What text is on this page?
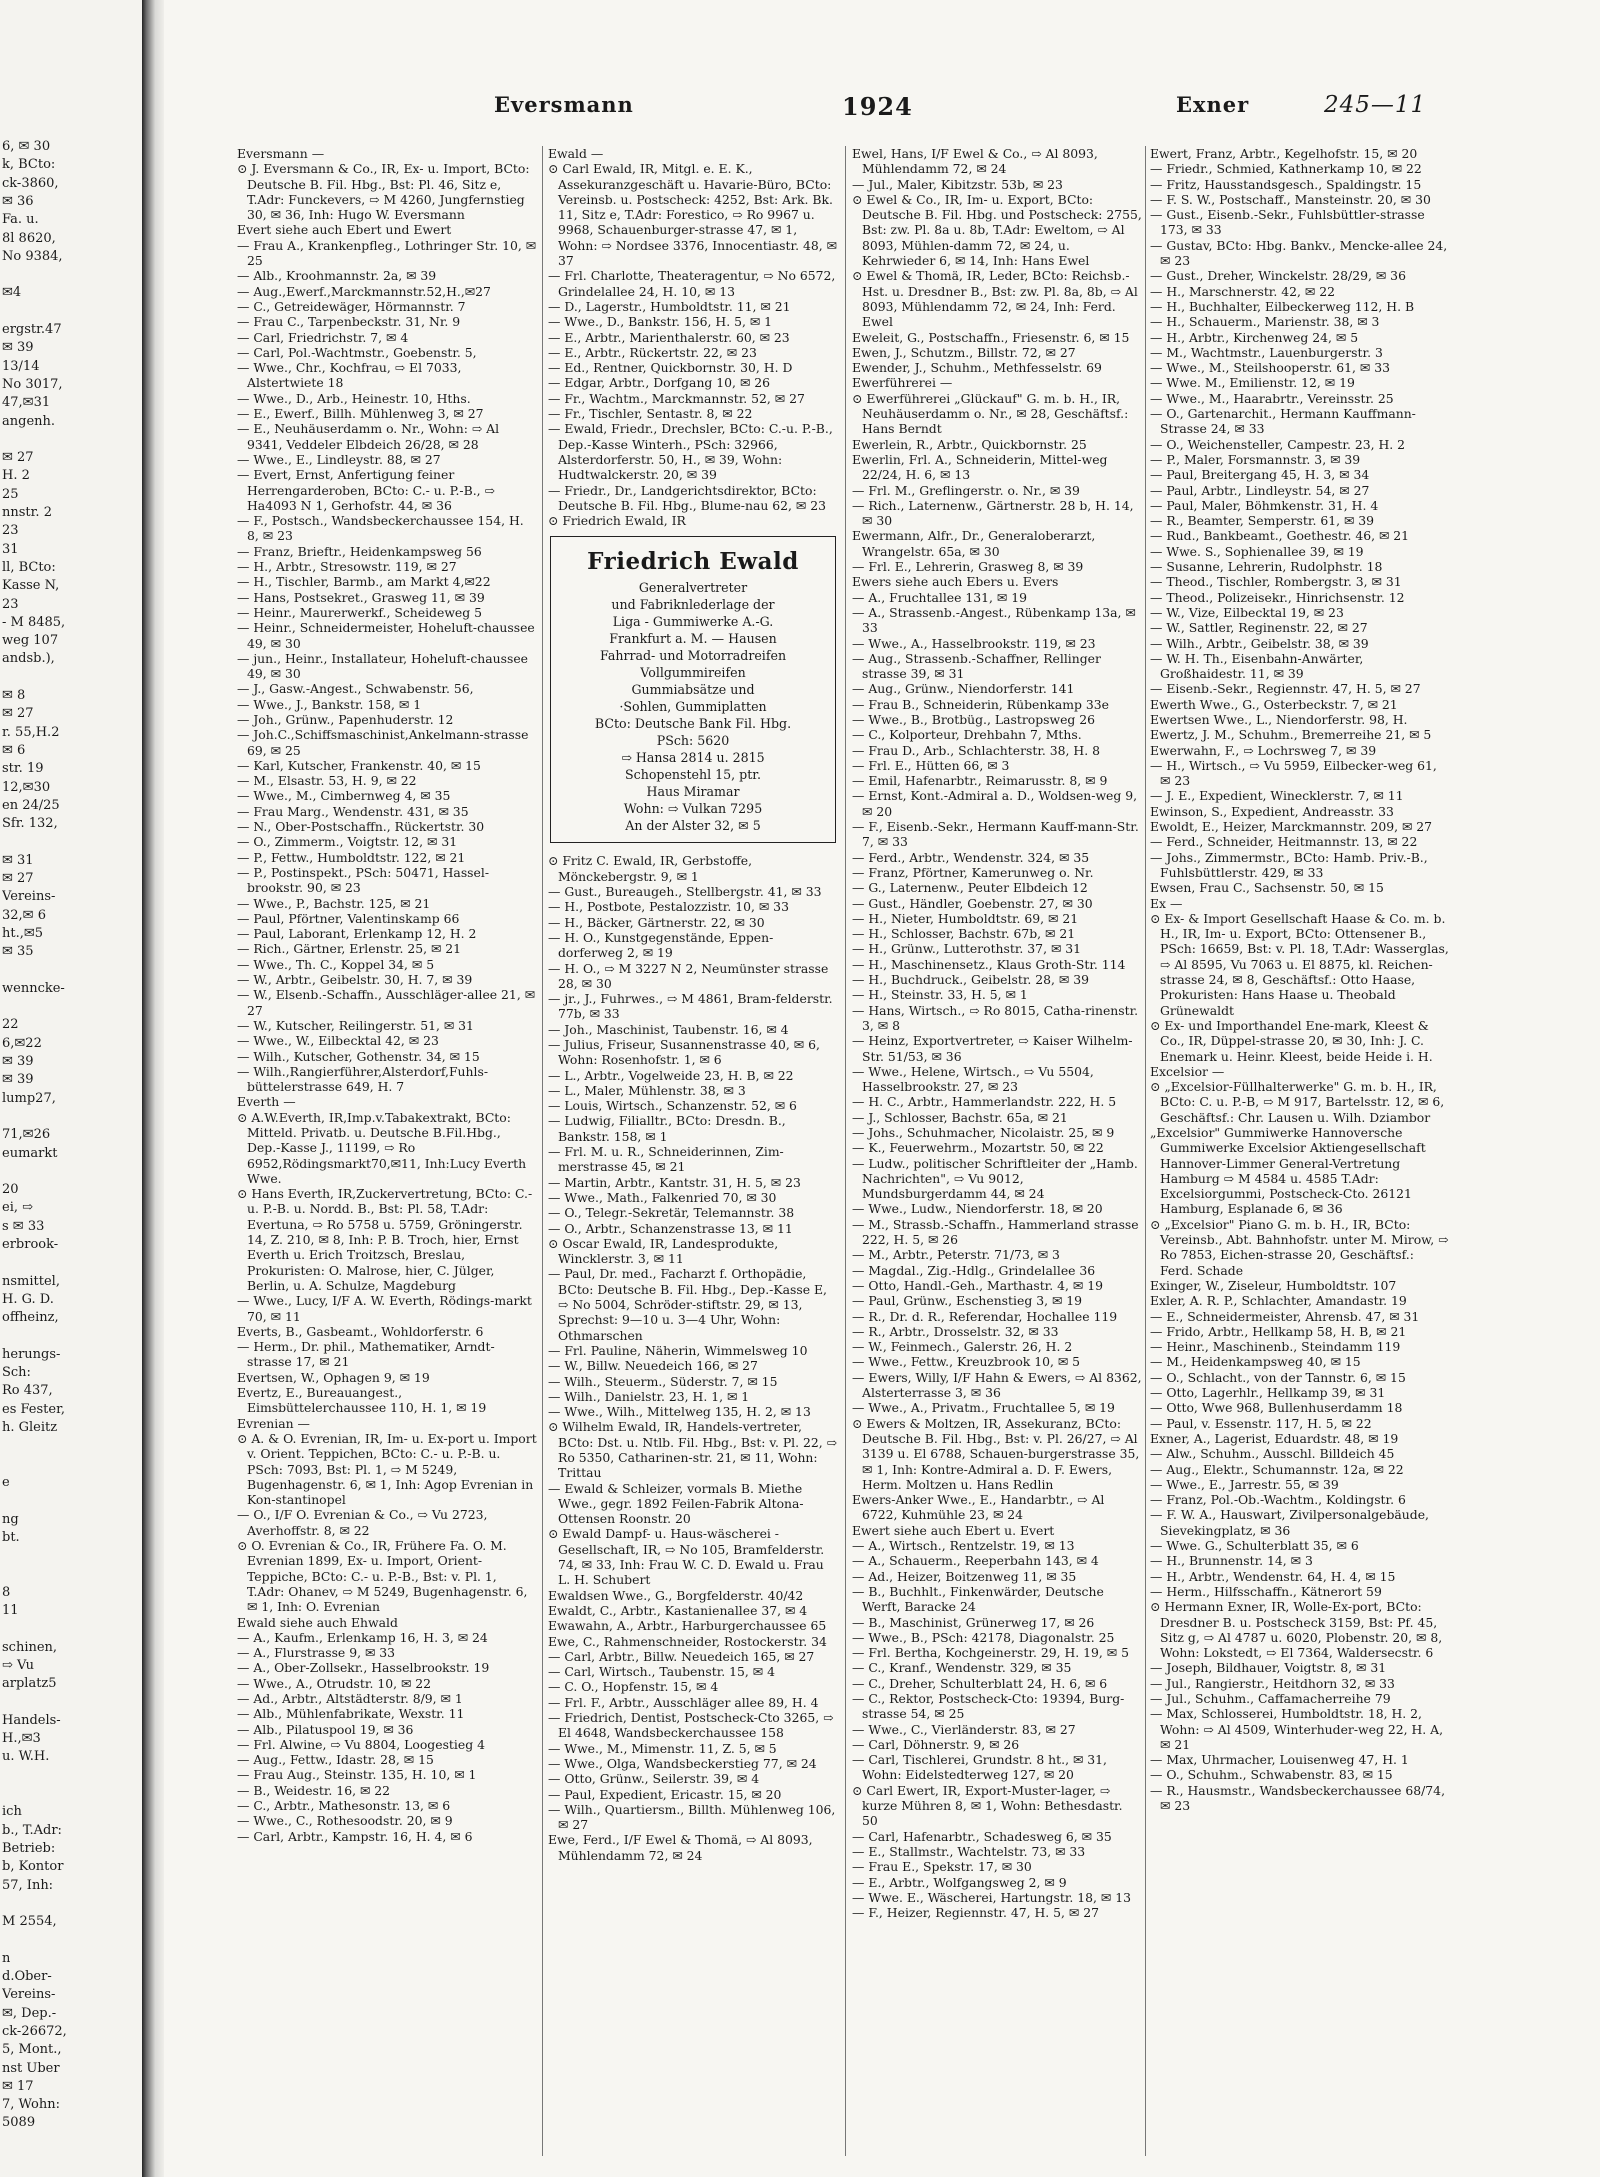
6, ✉ 30
k, BCto:
ck-3860,
✉ 36
Fa. u.
8l 8620,
No 9384,
✉4
ergstr.47
✉ 39
13/14
No 3017,
47,✉31
angenh.
✉ 27
H. 2
25
nnstr. 2
23
31
ll, BCto:
Kasse N,
23
- M 8485,
weg 107
andsb.),
✉ 8
✉ 27
r. 55,H.2
✉ 6
str. 19
12,✉30
en 24/25
Sfr. 132,
✉ 31
✉ 27
Vereins-
32,✉ 6
ht.,✉5
✉ 35
wenncke-
22
6,✉22
✉ 39
✉ 39
lump27,
71,✉26
eumarkt
20
ei, ⇨
s ✉ 33
erbrook-
nsmittel,
H. G. D.
offheinz,
herungs-
Sch:
Ro 437,
es Fester,
h. Gleitz
e
ng
bt.
8
11
schinen,
⇨ Vu
arplatz5
Handels-
H.,✉3
u. W.H.
ich
b., T.Adr:
Betrieb:
b, Kontor
57, Inh:
M 2554,
n
d.Ober-
Vereins-
✉, Dep.-
ck-26672,
5, Mont.,
nst Uber
✉ 17
7, Wohn:
5089
Eversmann	1924	Exner	245—11
Eversmann —
⊙ J. Eversmann & Co., IR, Ex- u. Import, BCto: Deutsche B. Fil. Hbg., Bst: Pl. 46, Sitz e, T.Adr: Funckevers, ⇨ M 4260, Jungfernstieg 30, ✉ 36, Inh: Hugo W. Eversmann
Evert siehe auch Ebert und Ewert
— Frau A., Krankenpfleg., Lothringer Str. 10, ✉ 25
— Alb., Kroohmannstr. 2a, ✉ 39
— Aug.,Ewerf.,Marckmannstr.52,H.,✉27
— C., Getreidewäger, Hörmannstr. 7
— Frau C., Tarpenbeckstr. 31, Nr. 9
— Carl, Friedrichstr. 7, ✉ 4
— Carl, Pol.-Wachtmstr., Goebenstr. 5,
— Wwe., Chr., Kochfrau, ⇨ El 7033, Alstertwiete 18
— Wwe., D., Arb., Heinestr. 10, Hths.
— E., Ewerf., Billh. Mühlenweg 3, ✉ 27
— E., Neuhäuserdamm o. Nr., Wohn: ⇨ Al 9341, Veddeler Elbdeich 26/28, ✉ 28
— Wwe., E., Lindleystr. 88, ✉ 27
— Evert, Ernst, Anfertigung feiner Herrengarderoben, BCto: C.- u. P.-B., ⇨ Ha4093 N 1, Gerhofstr. 44, ✉ 36
— F., Postsch., Wandsbeckerchaussee 154, H. 8, ✉ 23
— Franz, Brieftr., Heidenkampsweg 56
— H., Arbtr., Stresowstr. 119, ✉ 27
— H., Tischler, Barmb., am Markt 4,✉22
— Hans, Postsekret., Grasweg 11, ✉ 39
— Heinr., Maurerwerkf., Scheideweg 5
— Heinr., Schneidermeister, Hoheluft-chaussee 49, ✉ 30
— jun., Heinr., Installateur, Hoheluft-chaussee 49, ✉ 30
— J., Gasw.-Angest., Schwabenstr. 56,
— Wwe., J., Bankstr. 158, ✉ 1
— Joh., Grünw., Papenhuderstr. 12
— Joh.C.,Schiffsmaschinist,Ankelmann-strasse 69, ✉ 25
— Karl, Kutscher, Frankenstr. 40, ✉ 15
— M., Elsastr. 53, H. 9, ✉ 22
— Wwe., M., Cimbernweg 4, ✉ 35
— Frau Marg., Wendenstr. 431, ✉ 35
— N., Ober-Postschaffn., Rückertstr. 30
— O., Zimmerm., Voigtstr. 12, ✉ 31
— P., Fettw., Humboldtstr. 122, ✉ 21
— P., Postinspekt., PSch: 50471, Hassel-brookstr. 90, ✉ 23
— Wwe., P., Bachstr. 125, ✉ 21
— Paul, Pförtner, Valentinskamp 66
— Paul, Laborant, Erlenkamp 12, H. 2
— Rich., Gärtner, Erlenstr. 25, ✉ 21
— Wwe., Th. C., Koppel 34, ✉ 5
— W., Arbtr., Geibelstr. 30, H. 7, ✉ 39
— W., Elsenb.-Schaffn., Ausschläger-allee 21, ✉ 27
— W., Kutscher, Reilingerstr. 51, ✉ 31
— Wwe., W., Eilbecktal 42, ✉ 23
— Wilh., Kutscher, Gothenstr. 34, ✉ 15
— Wilh.,Rangierführer,Alsterdorf,Fuhls-büttelerstrasse 649, H. 7
Everth —
⊙ A.W.Everth, IR,Imp.v.Tabakextrakt, BCto: Mitteld. Privatb. u. Deutsche B.Fil.Hbg., Dep.-Kasse J., 11199, ⇨ Ro 6952,Rödingsmarkt70,✉11, Inh:Lucy Everth Wwe.
⊙ Hans Everth, IR,Zuckervertretung, BCto: C.- u. P.-B. u. Nordd. B., Bst: Pl. 58, T.Adr: Evertuna, ⇨ Ro 5758 u. 5759, Gröningerstr. 14, Z. 210, ✉ 8, Inh: P. B. Troch, hier, Ernst Everth u. Erich Troitzsch, Breslau, Prokuristen: O. Malrose, hier, C. Jülger, Berlin, u. A. Schulze, Magdeburg
— Wwe., Lucy, I/F A. W. Everth, Rödings-markt 70, ✉ 11
Everts, B., Gasbeamt., Wohldorferstr. 6
— Herm., Dr. phil., Mathematiker, Arndt-strasse 17, ✉ 21
Evertsen, W., Ophagen 9, ✉ 19
Evertz, E., Bureauangest., Eimsbüttelerchaussee 110, H. 1, ✉ 19
Evrenian —
⊙ A. & O. Evrenian, IR, Im- u. Ex-port u. Import v. Orient. Teppichen, BCto: C.- u. P.-B. u. PSch: 7093, Bst: Pl. 1, ⇨ M 5249, Bugenhagenstr. 6, ✉ 1, Inh: Agop Evrenian in Kon-stantinopel
— O., I/F O. Evrenian & Co., ⇨ Vu 2723, Averhoffstr. 8, ✉ 22
⊙ O. Evrenian & Co., IR, Frühere Fa. O. M. Evrenian 1899, Ex- u. Import, Orient-Teppiche, BCto: C.- u. P.-B., Bst: v. Pl. 1, T.Adr: Ohanev, ⇨ M 5249, Bugenhagenstr. 6, ✉ 1, Inh: O. Evrenian
Ewald siehe auch Ehwald
— A., Kaufm., Erlenkamp 16, H. 3, ✉ 24
— A., Flurstrasse 9, ✉ 33
— A., Ober-Zollsekr., Hasselbrookstr. 19
— Wwe., A., Otrudstr. 10, ✉ 22
— Ad., Arbtr., Altstädterstr. 8/9, ✉ 1
— Alb., Mühlenfabrikate, Wexstr. 11
— Alb., Pilatuspool 19, ✉ 36
— Frl. Alwine, ⇨ Vu 8804, Loogestieg 4
— Aug., Fettw., Idastr. 28, ✉ 15
— Frau Aug., Steinstr. 135, H. 10, ✉ 1
— B., Weidestr. 16, ✉ 22
— C., Arbtr., Mathesonstr. 13, ✉ 6
— Wwe., C., Rothesoodstr. 20, ✉ 9
— Carl, Arbtr., Kampstr. 16, H. 4, ✉ 6
Ewald —
⊙ Carl Ewald, IR, Mitgl. e. E. K., Assekuranzgeschäft u. Havarie-Büro, BCto: Vereinsb. u. Postscheck: 4252, Bst: Ark. Bk. 11, Sitz e, T.Adr: Forestico, ⇨ Ro 9967 u. 9968, Schauenburger-strasse 47, ✉ 1, Wohn: ⇨ Nordsee 3376, Innocentiastr. 48, ✉ 37
— Frl. Charlotte, Theateragentur, ⇨ No 6572, Grindelallee 24, H. 10, ✉ 13
— D., Lagerstr., Humboldtstr. 11, ✉ 21
— Wwe., D., Bankstr. 156, H. 5, ✉ 1
— E., Arbtr., Marienthalerstr. 60, ✉ 23
— E., Arbtr., Rückertstr. 22, ✉ 23
— Ed., Rentner, Quickbornstr. 30, H. D
— Edgar, Arbtr., Dorfgang 10, ✉ 26
— Fr., Wachtm., Marckmannstr. 52, ✉ 27
— Fr., Tischler, Sentastr. 8, ✉ 22
— Ewald, Friedr., Drechsler, BCto: C.-u. P.-B., Dep.-Kasse Winterh., PSch: 32966, Alsterdorferstr. 50, H., ✉ 39, Wohn: Hudtwalckerstr. 20, ✉ 39
— Friedr., Dr., Landgerichtsdirektor, BCto: Deutsche B. Fil. Hbg., Blume-nau 62, ✉ 23
⊙ Friedrich Ewald, IR
Friedrich Ewald
Generalvertreter
und Fabriknlederlage der
Liga - Gummiwerke A.-G.
Frankfurt a. M. — Hausen
Fahrrad- und Motorradreifen
Vollgummireifen
Gummiabsätze und
·Sohlen, Gummiplatten
BCto: Deutsche Bank Fil. Hbg.
PSch: 5620
⇨ Hansa 2814 u. 2815
Schopenstehl 15, ptr.
Haus Miramar
Wohn: ⇨ Vulkan 7295
An der Alster 32, ✉ 5
⊙ Fritz C. Ewald, IR, Gerbstoffe, Mönckebergstr. 9, ✉ 1
— Gust., Bureaugeh., Stellbergstr. 41, ✉ 33
— H., Postbote, Pestalozzistr. 10, ✉ 33
— H., Bäcker, Gärtnerstr. 22, ✉ 30
— H. O., Kunstgegenstände, Eppen-dorferweg 2, ✉ 19
— H. O., ⇨ M 3227 N 2, Neumünster strasse 28, ✉ 30
— jr., J., Fuhrwes., ⇨ M 4861, Bram-felderstr. 77b, ✉ 33
— Joh., Maschinist, Taubenstr. 16, ✉ 4
— Julius, Friseur, Susannenstrasse 40, ✉ 6, Wohn: Rosenhofstr. 1, ✉ 6
— L., Arbtr., Vogelweide 23, H. B, ✉ 22
— L., Maler, Mühlenstr. 38, ✉ 3
— Louis, Wirtsch., Schanzenstr. 52, ✉ 6
— Ludwig, Filialltr., BCto: Dresdn. B., Bankstr. 158, ✉ 1
— Frl. M. u. R., Schneiderinnen, Zim-merstrasse 45, ✉ 21
— Martin, Arbtr., Kantstr. 31, H. 5, ✉ 23
— Wwe., Math., Falkenried 70, ✉ 30
— O., Telegr.-Sekretär, Telemannstr. 38
— O., Arbtr., Schanzenstrasse 13, ✉ 11
⊙ Oscar Ewald, IR, Landesprodukte, Wincklerstr. 3, ✉ 11
— Paul, Dr. med., Facharzt f. Orthopädie, BCto: Deutsche B. Fil. Hbg., Dep.-Kasse E, ⇨ No 5004, Schröder-stiftstr. 29, ✉ 13, Sprechst: 9—10 u. 3—4 Uhr, Wohn: Othmarschen
— Frl. Pauline, Näherin, Wimmelsweg 10
— W., Billw. Neuedeich 166, ✉ 27
— Wilh., Steuerm., Süderstr. 7, ✉ 15
— Wilh., Danielstr. 23, H. 1, ✉ 1
— Wwe., Wilh., Mittelweg 135, H. 2, ✉ 13
⊙ Wilhelm Ewald, IR, Handels-vertreter, BCto: Dst. u. Ntlb. Fil. Hbg., Bst: v. Pl. 22, ⇨ Ro 5350, Catharinen-str. 21, ✉ 11, Wohn: Trittau
— Ewald & Schleizer, vormals B. Miethe Wwe., gegr. 1892 Feilen-Fabrik Altona-Ottensen Roonstr. 20
⊙ Ewald Dampf- u. Haus-wäscherei - Gesellschaft, IR, ⇨ No 105, Bramfelderstr. 74, ✉ 33, Inh: Frau W. C. D. Ewald u. Frau L. H. Schubert
Ewaldsen Wwe., G., Borgfelderstr. 40/42
Ewaldt, C., Arbtr., Kastanienallee 37, ✉ 4
Ewawahn, A., Arbtr., Harburgerchaussee 65
Ewe, C., Rahmenschneider, Rostockerstr. 34
— Carl, Arbtr., Billw. Neuedeich 165, ✉ 27
— Carl, Wirtsch., Taubenstr. 15, ✉ 4
— C. O., Hopfenstr. 15, ✉ 4
— Frl. F., Arbtr., Ausschläger allee 89, H. 4
— Friedrich, Dentist, Postscheck-Cto 3265, ⇨ El 4648, Wandsbeckerchaussee 158
— Wwe., M., Mimenstr. 11, Z. 5, ✉ 5
— Wwe., Olga, Wandsbeckerstieg 77, ✉ 24
— Otto, Grünw., Seilerstr. 39, ✉ 4
— Paul, Expedient, Ericastr. 15, ✉ 20
— Wilh., Quartiersm., Billth. Mühlenweg 106, ✉ 27
Ewe, Ferd., I/F Ewel & Thomä, ⇨ Al 8093, Mühlendamm 72, ✉ 24
Ewel, Hans, I/F Ewel & Co., ⇨ Al 8093, Mühlendamm 72, ✉ 24
— Jul., Maler, Kibitzstr. 53b, ✉ 23
⊙ Ewel & Co., IR, Im- u. Export, BCto: Deutsche B. Fil. Hbg. und Postscheck: 2755, Bst: zw. Pl. 8a u. 8b, T.Adr: Eweltom, ⇨ Al 8093, Mühlen-damm 72, ✉ 24, u. Kehrwieder 6, ✉ 14, Inh: Hans Ewel
⊙ Ewel & Thomä, IR, Leder, BCto: Reichsb.-Hst. u. Dresdner B., Bst: zw. Pl. 8a, 8b, ⇨ Al 8093, Mühlendamm 72, ✉ 24, Inh: Ferd. Ewel
Eweleit, G., Postschaffn., Friesenstr. 6, ✉ 15
Ewen, J., Schutzm., Billstr. 72, ✉ 27
Ewender, J., Schuhm., Methfesselstr. 69
Ewerführerei —
⊙ Ewerführerei „Glückauf" G. m. b. H., IR, Neuhäuserdamm o. Nr., ✉ 28, Geschäftsf.: Hans Berndt
Ewerlein, R., Arbtr., Quickbornstr. 25
Ewerlin, Frl. A., Schneiderin, Mittel-weg 22/24, H. 6, ✉ 13
— Frl. M., Greflingerstr. o. Nr., ✉ 39
— Rich., Laternenw., Gärtnerstr. 28 b, H. 14, ✉ 30
Ewermann, Alfr., Dr., Generaloberarzt, Wrangelstr. 65a, ✉ 30
— Frl. E., Lehrerin, Grasweg 8, ✉ 39
Ewers siehe auch Ebers u. Evers
— A., Fruchtallee 131, ✉ 19
— A., Strassenb.-Angest., Rübenkamp 13a, ✉ 33
— Wwe., A., Hasselbrookstr. 119, ✉ 23
— Aug., Strassenb.-Schaffner, Rellinger strasse 39, ✉ 31
— Aug., Grünw., Niendorferstr. 141
— Frau B., Schneiderin, Rübenkamp 33e
— Wwe., B., Brotbüg., Lastropsweg 26
— C., Kolporteur, Drehbahn 7, Mths.
— Frau D., Arb., Schlachterstr. 38, H. 8
— Frl. E., Hütten 66, ✉ 3
— Emil, Hafenarbtr., Reimarusstr. 8, ✉ 9
— Ernst, Kont.-Admiral a. D., Woldsen-weg 9, ✉ 20
— F., Eisenb.-Sekr., Hermann Kauff-mann-Str. 7, ✉ 33
— Ferd., Arbtr., Wendenstr. 324, ✉ 35
— Franz, Pförtner, Kamerunweg o. Nr.
— G., Laternenw., Peuter Elbdeich 12
— Gust., Händler, Goebenstr. 27, ✉ 30
— H., Nieter, Humboldtstr. 69, ✉ 21
— H., Schlosser, Bachstr. 67b, ✉ 21
— H., Grünw., Lutterothstr. 37, ✉ 31
— H., Maschinensetz., Klaus Groth-Str. 114
— H., Buchdruck., Geibelstr. 28, ✉ 39
— H., Steinstr. 33, H. 5, ✉ 1
— Hans, Wirtsch., ⇨ Ro 8015, Catha-rinenstr. 3, ✉ 8
— Heinz, Exportvertreter, ⇨ Kaiser Wilhelm-Str. 51/53, ✉ 36
— Wwe., Helene, Wirtsch., ⇨ Vu 5504, Hasselbrookstr. 27, ✉ 23
— H. C., Arbtr., Hammerlandstr. 222, H. 5
— J., Schlosser, Bachstr. 65a, ✉ 21
— Johs., Schuhmacher, Nicolaistr. 25, ✉ 9
— K., Feuerwehrm., Mozartstr. 50, ✉ 22
— Ludw., politischer Schriftleiter der „Hamb. Nachrichten", ⇨ Vu 9012, Mundsburgerdamm 44, ✉ 24
— Wwe., Ludw., Niendorferstr. 18, ✉ 20
— M., Strassb.-Schaffn., Hammerland strasse 222, H. 5, ✉ 26
— M., Arbtr., Peterstr. 71/73, ✉ 3
— Magdal., Zig.-Hdlg., Grindelallee 36
— Otto, Handl.-Geh., Marthastr. 4, ✉ 19
— Paul, Grünw., Eschenstieg 3, ✉ 19
— R., Dr. d. R., Referendar, Hochallee 119
— R., Arbtr., Drosselstr. 32, ✉ 33
— W., Feinmech., Galerstr. 26, H. 2
— Wwe., Fettw., Kreuzbrook 10, ✉ 5
— Ewers, Willy, I/F Hahn & Ewers, ⇨ Al 8362, Alsterterrasse 3, ✉ 36
— Wwe., A., Privatm., Fruchtallee 5, ✉ 19
⊙ Ewers & Moltzen, IR, Assekuranz, BCto: Deutsche B. Fil. Hbg., Bst: v. Pl. 26/27, ⇨ Al 3139 u. El 6788, Schauen-burgerstrasse 35, ✉ 1, Inh: Kontre-Admiral a. D. F. Ewers, Herm. Moltzen u. Hans Redlin
Ewers-Anker Wwe., E., Handarbtr., ⇨ Al 6722, Kuhmühle 23, ✉ 24
Ewert siehe auch Ebert u. Evert
— A., Wirtsch., Rentzelstr. 19, ✉ 13
— A., Schauerm., Reeperbahn 143, ✉ 4
— Ad., Heizer, Boitzenweg 11, ✉ 35
— B., Buchhlt., Finkenwärder, Deutsche Werft, Baracke 24
— B., Maschinist, Grünerweg 17, ✉ 26
— Wwe., B., PSch: 42178, Diagonalstr. 25
— Frl. Bertha, Kochgeinerstr. 29, H. 19, ✉ 5
— C., Kranf., Wendenstr. 329, ✉ 35
— C., Dreher, Schulterblatt 24, H. 6, ✉ 6
— C., Rektor, Postscheck-Cto: 19394, Burg-strasse 54, ✉ 25
— Wwe., C., Vierländerstr. 83, ✉ 27
— Carl, Döhnerstr. 9, ✉ 26
— Carl, Tischlerei, Grundstr. 8 ht., ✉ 31, Wohn: Eidelstedterweg 127, ✉ 20
⊙ Carl Ewert, IR, Export-Muster-lager, ⇨ kurze Mühren 8, ✉ 1, Wohn: Bethesdastr. 50
— Carl, Hafenarbtr., Schadesweg 6, ✉ 35
— E., Stallmstr., Wachtelstr. 73, ✉ 33
— Frau E., Spekstr. 17, ✉ 30
— E., Arbtr., Wolfgangsweg 2, ✉ 9
— Wwe. E., Wäscherei, Hartungstr. 18, ✉ 13
— F., Heizer, Regiennstr. 47, H. 5, ✉ 27
Ewert, Franz, Arbtr., Kegelhofstr. 15, ✉ 20
— Friedr., Schmied, Kathnerkamp 10, ✉ 22
— Fritz, Hausstandsgesch., Spaldingstr. 15
— F. S. W., Postschaff., Mansteinstr. 20, ✉ 30
— Gust., Eisenb.-Sekr., Fuhlsbüttler-strasse 173, ✉ 33
— Gustav, BCto: Hbg. Bankv., Mencke-allee 24, ✉ 23
— Gust., Dreher, Winckelstr. 28/29, ✉ 36
— H., Marschnerstr. 42, ✉ 22
— H., Buchhalter, Eilbeckerweg 112, H. B
— H., Schauerm., Marienstr. 38, ✉ 3
— H., Arbtr., Kirchenweg 24, ✉ 5
— M., Wachtmstr., Lauenburgerstr. 3
— Wwe., M., Steilshooperstr. 61, ✉ 33
— Wwe. M., Emilienstr. 12, ✉ 19
— Wwe., M., Haarabrtr., Vereinsstr. 25
— O., Gartenarchit., Hermann Kauffmann-Strasse 24, ✉ 33
— O., Weichensteller, Campestr. 23, H. 2
— P., Maler, Forsmannstr. 3, ✉ 39
— Paul, Breitergang 45, H. 3, ✉ 34
— Paul, Arbtr., Lindleystr. 54, ✉ 27
— Paul, Maler, Böhmkenstr. 31, H. 4
— R., Beamter, Semperstr. 61, ✉ 39
— Rud., Bankbeamt., Goethestr. 46, ✉ 21
— Wwe. S., Sophienallee 39, ✉ 19
— Susanne, Lehrerin, Rudolphstr. 18
— Theod., Tischler, Rombergstr. 3, ✉ 31
— Theod., Polizeisekr., Hinrichsenstr. 12
— W., Vize, Eilbecktal 19, ✉ 23
— W., Sattler, Reginenstr. 22, ✉ 27
— Wilh., Arbtr., Geibelstr. 38, ✉ 39
— W. H. Th., Eisenbahn-Anwärter, Großhaidestr. 11, ✉ 39
— Eisenb.-Sekr., Regiennstr. 47, H. 5, ✉ 27
Ewerth Wwe., G., Osterbeckstr. 7, ✉ 21
Ewertsen Wwe., L., Niendorferstr. 98, H.
Ewertz, J. M., Schuhm., Bremerreihe 21, ✉ 5
Ewerwahn, F., ⇨ Lochrsweg 7, ✉ 39
— H., Wirtsch., ⇨ Vu 5959, Eilbecker-weg 61, ✉ 23
— J. E., Expedient, Winecklerstr. 7, ✉ 11
Ewinson, S., Expedient, Andreasstr. 33
Ewoldt, E., Heizer, Marckmannstr. 209, ✉ 27
— Ferd., Schneider, Heitmannstr. 13, ✉ 22
— Johs., Zimmermstr., BCto: Hamb. Priv.-B., Fuhlsbüttlerstr. 429, ✉ 33
Ewsen, Frau C., Sachsenstr. 50, ✉ 15
Ex —
⊙ Ex- & Import Gesellschaft Haase & Co. m. b. H., IR, Im- u. Export, BCto: Ottensener B., PSch: 16659, Bst: v. Pl. 18, T.Adr: Wasserglas, ⇨ Al 8595, Vu 7063 u. El 8875, kl. Reichen-strasse 24, ✉ 8, Geschäftsf.: Otto Haase, Prokuristen: Hans Haase u. Theobald Grünewaldt
⊙ Ex- und Importhandel Ene-mark, Kleest & Co., IR, Düppel-strasse 20, ✉ 30, Inh: J. C. Enemark u. Heinr. Kleest, beide Heide i. H.
Excelsior —
⊙ „Excelsior-Füllhalterwerke" G. m. b. H., IR, BCto: C. u. P.-B, ⇨ M 917, Bartelsstr. 12, ✉ 6, Geschäftsf.: Chr. Lausen u. Wilh. Dziambor
„Excelsior" Gummiwerke Hannoversche Gummiwerke Excelsior Aktiengesellschaft Hannover-Limmer General-Vertretung Hamburg ⇨ M 4584 u. 4585 T.Adr: Excelsiorgummi, Postscheck-Cto. 26121 Hamburg, Esplanade 6, ✉ 36
⊙ „Excelsior" Piano G. m. b. H., IR, BCto: Vereinsb., Abt. Bahnhofstr. unter M. Mirow, ⇨ Ro 7853, Eichen-strasse 20, Geschäftsf.: Ferd. Schade
Exinger, W., Ziseleur, Humboldtstr. 107
Exler, A. R. P., Schlachter, Amandastr. 19
— E., Schneidermeister, Ahrensb. 47, ✉ 31
— Frido, Arbtr., Hellkamp 58, H. B, ✉ 21
— Heinr., Maschinenb., Steindamm 119
— M., Heidenkampsweg 40, ✉ 15
— O., Schlacht., von der Tannstr. 6, ✉ 15
— Otto, Lagerhlr., Hellkamp 39, ✉ 31
— Otto, Wwe 968, Bullenhuserdamm 18
— Paul, v. Essenstr. 117, H. 5, ✉ 22
Exner, A., Lagerist, Eduardstr. 48, ✉ 19
— Alw., Schuhm., Ausschl. Billdeich 45
— Aug., Elektr., Schumannstr. 12a, ✉ 22
— Wwe., E., Jarrestr. 55, ✉ 39
— Franz, Pol.-Ob.-Wachtm., Koldingstr. 6
— F. W. A., Hauswart, Zivilpersonalgebäude, Sievekingplatz, ✉ 36
— Wwe. G., Schulterblatt 35, ✉ 6
— H., Brunnenstr. 14, ✉ 3
— H., Arbtr., Wendenstr. 64, H. 4, ✉ 15
— Herm., Hilfsschaffn., Kätnerort 59
⊙ Hermann Exner, IR, Wolle-Ex-port, BCto: Dresdner B. u. Postscheck 3159, Bst: Pf. 45, Sitz g, ⇨ Al 4787 u. 6020, Plobenstr. 20, ✉ 8, Wohn: Lokstedt, ⇨ El 7364, Waldersecstr. 6
— Joseph, Bildhauer, Voigtstr. 8, ✉ 31
— Jul., Rangierstr., Heitdhorn 32, ✉ 33
— Jul., Schuhm., Caffamacherreihe 79
— Max, Schlosserei, Humboldtstr. 18, H. 2, Wohn: ⇨ Al 4509, Winterhuder-weg 22, H. A, ✉ 21
— Max, Uhrmacher, Louisenweg 47, H. 1
— O., Schuhm., Schwabenstr. 83, ✉ 15
— R., Hausmstr., Wandsbeckerchaussee 68/74, ✉ 23
